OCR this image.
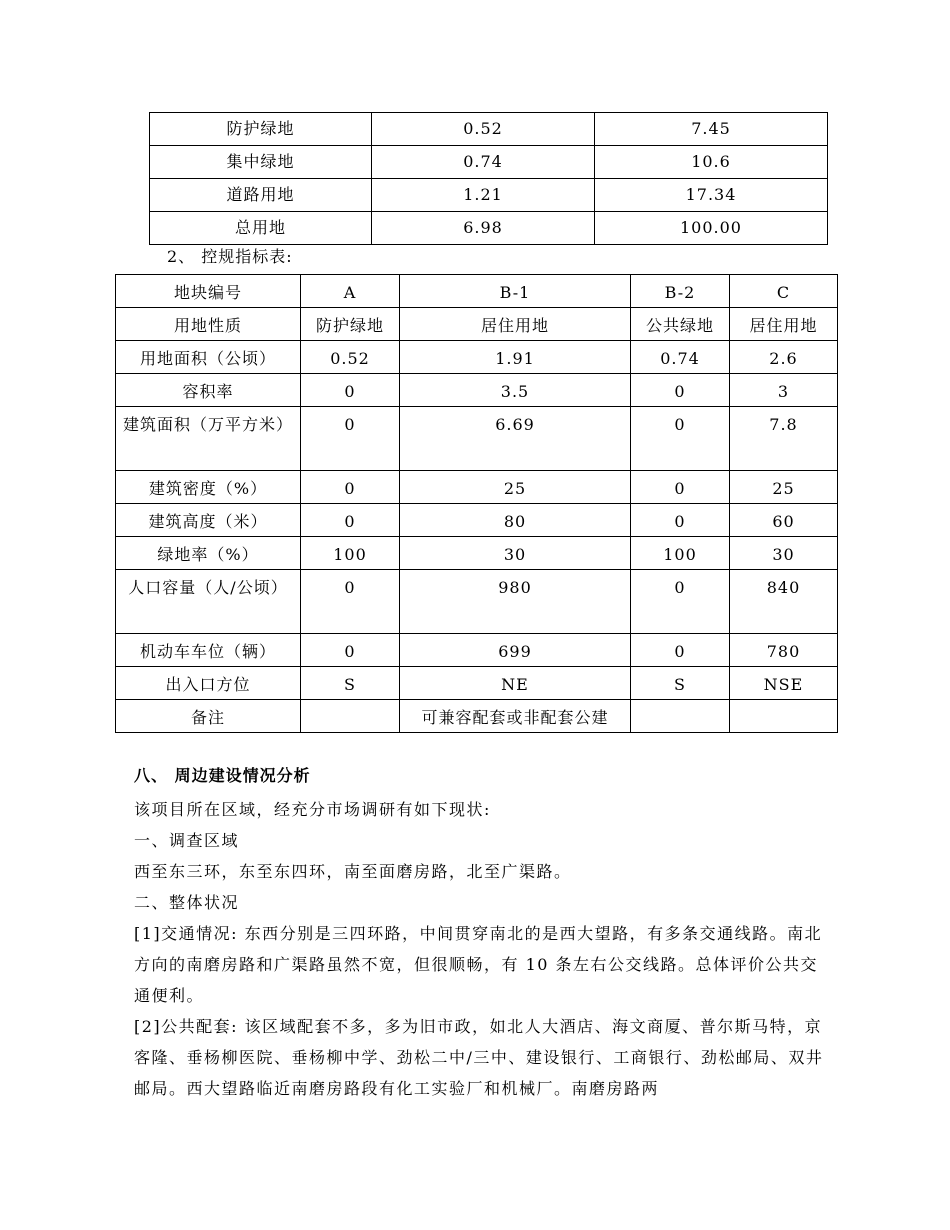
防护绿地	0.52	7.45
集中绿地	0.74	10.6
道路用地	1.21	17.34
总用地	6.98	100.00
2、 控规指标表:
地块编号	A	B-1	B-2	C
用地性质	防护绿地	居住用地	公共绿地	居住用地
用地面积（公顷）	0.52	1.91	0.74	2.6
容积率	0	3.5	0	3
建筑面积（万平方米）	0	6.69	0	7.8
建筑密度（%）	0	25	0	25
建筑高度（米）	0	80	0	60
绿地率（%）	100	30	100	30
人口容量（人/公顷）	0	980	0	840
机动车车位（辆）	0	699	0	780
出入口方位	S	NE	S	NSE
备注		可兼容配套或非配套公建		
八、 周边建设情况分析
该项目所在区域，经充分市场调研有如下现状:
一、调查区域
西至东三环，东至东四环，南至面磨房路，北至广渠路。
二、整体状况
[1]交通情况: 东西分别是三四环路，中间贯穿南北的是西大望路，有多条交通线路。南北方向的南磨房路和广渠路虽然不宽，但很顺畅，有 10 条左右公交线路。总体评价公共交通便利。
[2]公共配套: 该区域配套不多，多为旧市政，如北人大酒店、海文商厦、普尔斯马特，京客隆、垂杨柳医院、垂杨柳中学、劲松二中/三中、建设银行、工商银行、劲松邮局、双井邮局。西大望路临近南磨房路段有化工实验厂和机械厂。南磨房路两
